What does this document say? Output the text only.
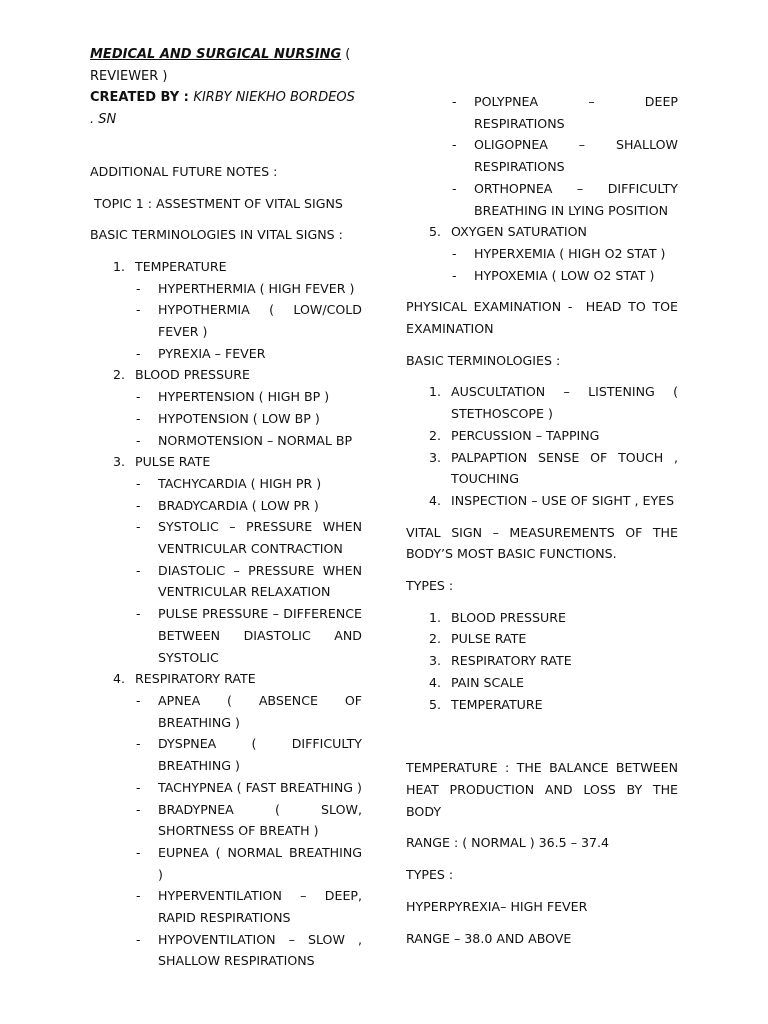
MEDICAL AND SURGICAL NURSING ( REVIEWER )

CREATED BY : KIRBY NIEKHO BORDEOS . SN

ADDITIONAL FUTURE NOTES :

TOPIC 1 : ASSESTMENT OF VITAL SIGNS

BASIC TERMINOLOGIES IN VITAL SIGNS :

1. TEMPERATURE
- HYPERTHERMIA ( HIGH FEVER )
- HYPOTHERMIA ( LOW/COLD FEVER )
- PYREXIA – FEVER
2. BLOOD PRESSURE
- HYPERTENSION ( HIGH BP )
- HYPOTENSION ( LOW BP )
- NORMOTENSION – NORMAL BP
3. PULSE RATE
- TACHYCARDIA ( HIGH PR )
- BRADYCARDIA ( LOW PR )
- SYSTOLIC – PRESSURE WHEN VENTRICULAR CONTRACTION
- DIASTOLIC – PRESSURE WHEN VENTRICULAR RELAXATION
- PULSE PRESSURE – DIFFERENCE BETWEEN DIASTOLIC AND SYSTOLIC
4. RESPIRATORY RATE
- APNEA ( ABSENCE OF BREATHING )
- DYSPNEA ( DIFFICULTY BREATHING )
- TACHYPNEA ( FAST BREATHING )
- BRADYPNEA ( SLOW, SHORTNESS OF BREATH )
- EUPNEA ( NORMAL BREATHING )
- HYPERVENTILATION – DEEP, RAPID RESPIRATIONS
- HYPOVENTILATION – SLOW , SHALLOW RESPIRATIONS
- POLYPNEA – DEEP RESPIRATIONS
- OLIGOPNEA – SHALLOW RESPIRATIONS
- ORTHOPNEA – DIFFICULTY BREATHING IN LYING POSITION
5. OXYGEN SATURATION
- HYPERXEMIA ( HIGH O2 STAT )
- HYPOXEMIA ( LOW O2 STAT )

PHYSICAL EXAMINATION -  HEAD TO TOE EXAMINATION

BASIC TERMINOLOGIES :

1. AUSCULTATION – LISTENING ( STETHOSCOPE )
2. PERCUSSION – TAPPING
3. PALPAPTION SENSE OF TOUCH , TOUCHING
4. INSPECTION – USE OF SIGHT , EYES

VITAL SIGN – MEASUREMENTS OF THE BODY’S MOST BASIC FUNCTIONS.

TYPES :

1. BLOOD PRESSURE
2. PULSE RATE
3. RESPIRATORY RATE
4. PAIN SCALE
5. TEMPERATURE

TEMPERATURE : THE BALANCE BETWEEN HEAT PRODUCTION AND LOSS BY THE BODY

RANGE : ( NORMAL ) 36.5 – 37.4

TYPES :

HYPERPYREXIA– HIGH FEVER

RANGE – 38.0 AND ABOVE
